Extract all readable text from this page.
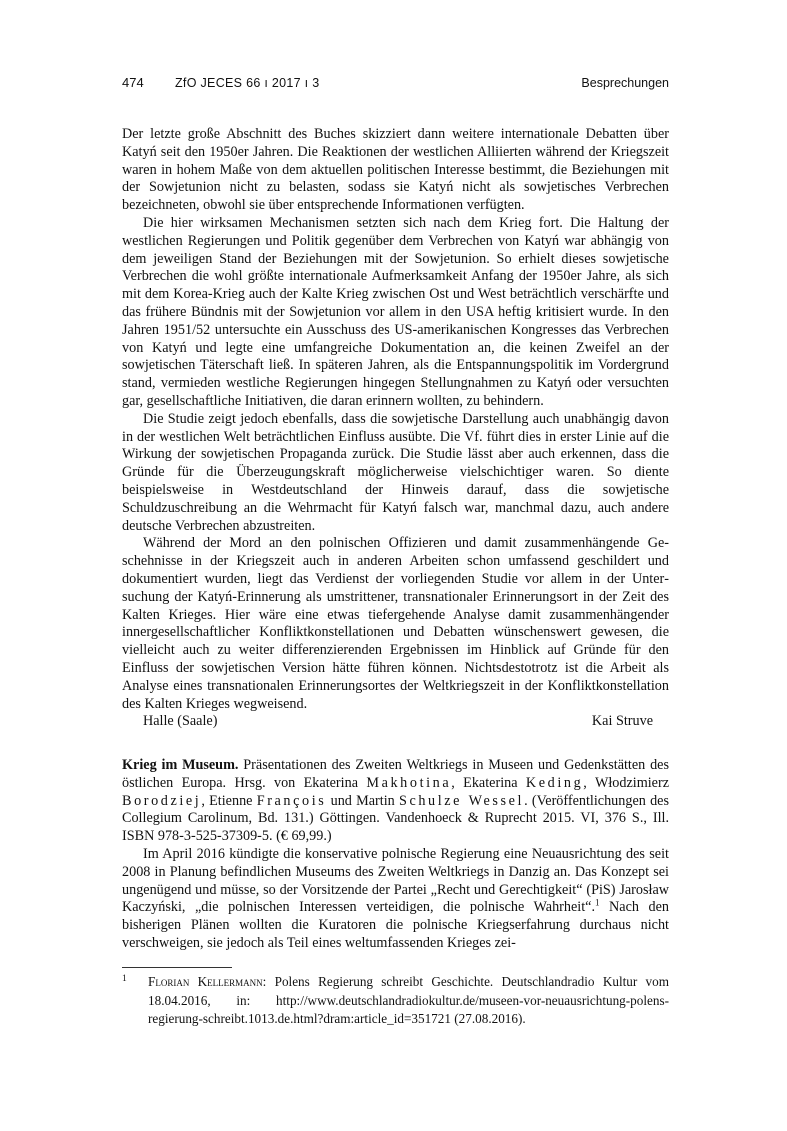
474	ZfO JECES 66 ı 2017 ı 3	Besprechungen

Der letzte große Abschnitt des Buches skizziert dann weitere internationale Debatten über Katyń seit den 1950er Jahren. Die Reaktionen der westlichen Alliierten während der Kriegszeit waren in hohem Maße von dem aktuellen politischen Interesse bestimmt, die Beziehungen mit der Sowjetunion nicht zu belasten, sodass sie Katyń nicht als sowjetisches Verbrechen bezeichneten, obwohl sie über entsprechende Informationen verfügten.

Die hier wirksamen Mechanismen setzten sich nach dem Krieg fort. Die Haltung der westlichen Regierungen und Politik gegenüber dem Verbrechen von Katyń war abhängig von dem jeweiligen Stand der Beziehungen mit der Sowjetunion. So erhielt dieses sowjetische Verbrechen die wohl größte internationale Aufmerksamkeit Anfang der 1950er Jahre, als sich mit dem Korea-Krieg auch der Kalte Krieg zwischen Ost und West beträchtlich verschärfte und das frühere Bündnis mit der Sowjetunion vor allem in den USA heftig kritisiert wurde. In den Jahren 1951/52 untersuchte ein Ausschuss des US-amerikanischen Kongresses das Verbrechen von Katyń und legte eine umfangreiche Dokumentation an, die keinen Zweifel an der sowjetischen Täterschaft ließ. In späteren Jahren, als die Entspannungspolitik im Vordergrund stand, vermieden westliche Regierungen hingegen Stellungnahmen zu Katyń oder versuchten gar, gesellschaftliche Initiativen, die daran erinnern wollten, zu behindern.

Die Studie zeigt jedoch ebenfalls, dass die sowjetische Darstellung auch unabhängig davon in der westlichen Welt beträchtlichen Einfluss ausübte. Die Vf. führt dies in erster Linie auf die Wirkung der sowjetischen Propaganda zurück. Die Studie lässt aber auch erkennen, dass die Gründe für die Überzeugungskraft möglicherweise vielschichtiger waren. So diente beispielsweise in Westdeutschland der Hinweis darauf, dass die sowjetische Schuldzuschreibung an die Wehrmacht für Katyń falsch war, manchmal dazu, auch andere deutsche Verbrechen abzustreiten.

Während der Mord an den polnischen Offizieren und damit zusammenhängende Geschehnisse in der Kriegszeit auch in anderen Arbeiten schon umfassend geschildert und dokumentiert wurden, liegt das Verdienst der vorliegenden Studie vor allem in der Untersuchung der Katyń-Erinnerung als umstrittener, transnationaler Erinnerungsort in der Zeit des Kalten Krieges. Hier wäre eine etwas tiefergehende Analyse damit zusammenhängender innergesellschaftlicher Konfliktkonstellationen und Debatten wünschenswert gewesen, die vielleicht auch zu weiter differenzierenden Ergebnissen im Hinblick auf Gründe für den Einfluss der sowjetischen Version hätte führen können. Nichtsdestotrotz ist die Arbeit als Analyse eines transnationalen Erinnerungsortes der Weltkriegszeit in der Konfliktkonstellation des Kalten Krieges wegweisend.

Halle (Saale)	Kai Struve

Krieg im Museum. Präsentationen des Zweiten Weltkriegs in Museen und Gedenkstätten des östlichen Europa. Hrsg. von Ekaterina Makhotina, Ekaterina Keding, Włodzimierz Borodziej, Etienne François und Martin Schulze Wessel. (Veröffentlichungen des Collegium Carolinum, Bd. 131.) Göttingen. Vandenhoeck & Ruprecht 2015. VI, 376 S., Ill. ISBN 978-3-525-37309-5. (€ 69,99.)

Im April 2016 kündigte die konservative polnische Regierung eine Neuausrichtung des seit 2008 in Planung befindlichen Museums des Zweiten Weltkriegs in Danzig an. Das Konzept sei ungenügend und müsse, so der Vorsitzende der Partei „Recht und Gerechtigkeit“ (PiS) Jarosław Kaczyński, „die polnischen Interessen verteidigen, die polnische Wahrheit“.$^1$ Nach den bisherigen Plänen wollten die Kuratoren die polnische Kriegserfahrung durchaus nicht verschweigen, sie jedoch als Teil eines weltumfassenden Krieges zei-

1 Florian Kellermann: Polens Regierung schreibt Geschichte. Deutschlandradio Kultur vom 18.04.2016, in: http://www.deutschlandradiokultur.de/museen-vor-neuausrichtung-polens-regierung-schreibt.1013.de.html?dram:article_id=351721 (27.08.2016).
